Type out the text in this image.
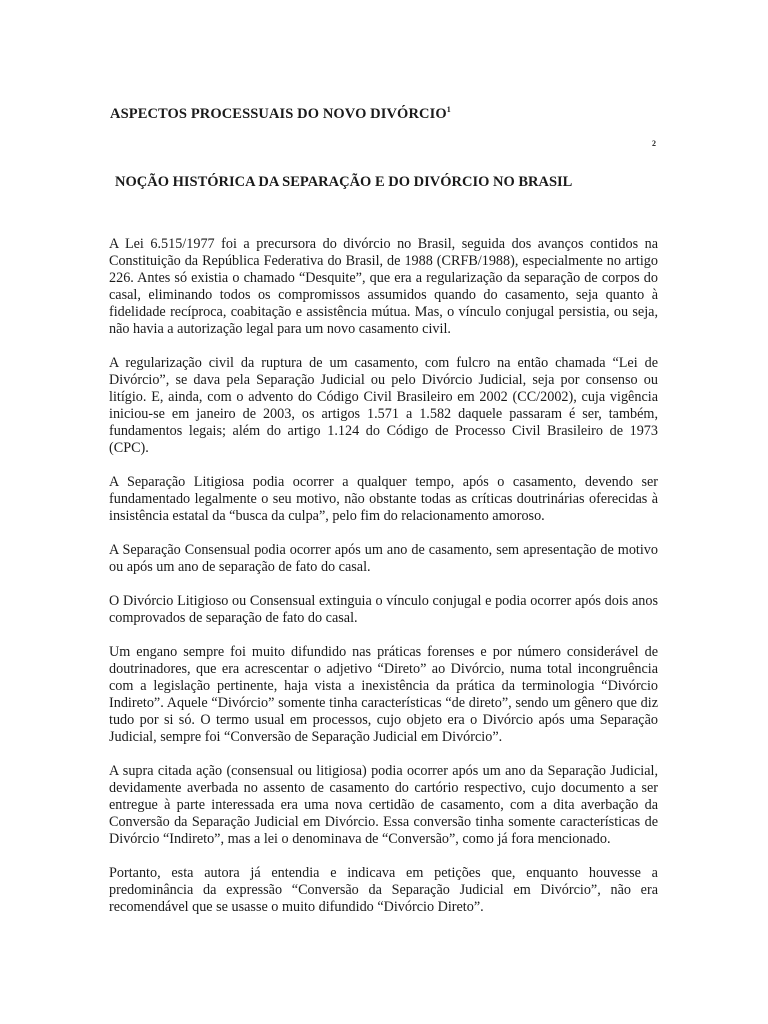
ASPECTOS PROCESSUAIS DO NOVO DIVÓRCIO$^1$
2
NOÇÃO HISTÓRICA DA SEPARAÇÃO E DO DIVÓRCIO NO BRASIL

A Lei 6.515/1977 foi a precursora do divórcio no Brasil, seguida dos avanços contidos na Constituição da República Federativa do Brasil, de 1988 (CRFB/1988), especialmente no artigo 226. Antes só existia o chamado “Desquite”, que era a regularização da separação de corpos do casal, eliminando todos os compromissos assumidos quando do casamento, seja quanto à fidelidade recíproca, coabitação e assistência mútua. Mas, o vínculo conjugal persistia, ou seja, não havia a autorização legal para um novo casamento civil.

A regularização civil da ruptura de um casamento, com fulcro na então chamada “Lei de Divórcio”, se dava pela Separação Judicial ou pelo Divórcio Judicial, seja por consenso ou litígio. E, ainda, com o advento do Código Civil Brasileiro em 2002 (CC/2002), cuja vigência iniciou-se em janeiro de 2003, os artigos 1.571 a 1.582 daquele passaram é ser, também, fundamentos legais; além do artigo 1.124 do Código de Processo Civil Brasileiro de 1973 (CPC).

A Separação Litigiosa podia ocorrer a qualquer tempo, após o casamento, devendo ser fundamentado legalmente o seu motivo, não obstante todas as críticas doutrinárias oferecidas à insistência estatal da “busca da culpa”, pelo fim do relacionamento amoroso.

A Separação Consensual podia ocorrer após um ano de casamento, sem apresentação de motivo ou após um ano de separação de fato do casal.

O Divórcio Litigioso ou Consensual extinguia o vínculo conjugal e podia ocorrer após dois anos comprovados de separação de fato do casal.

Um engano sempre foi muito difundido nas práticas forenses e por número considerável de doutrinadores, que era acrescentar o adjetivo “Direto” ao Divórcio, numa total incongruência com a legislação pertinente, haja vista a inexistência da prática da terminologia “Divórcio Indireto”. Aquele “Divórcio” somente tinha características “de direto”, sendo um gênero que diz tudo por si só. O termo usual em processos, cujo objeto era o Divórcio após uma Separação Judicial, sempre foi “Conversão de Separação Judicial em Divórcio”.

A supra citada ação (consensual ou litigiosa) podia ocorrer após um ano da Separação Judicial, devidamente averbada no assento de casamento do cartório respectivo, cujo documento a ser entregue à parte interessada era uma nova certidão de casamento, com a dita averbação da Conversão da Separação Judicial em Divórcio. Essa conversão tinha somente características de Divórcio “Indireto”, mas a lei o denominava de “Conversão”, como já fora mencionado.

Portanto, esta autora já entendia e indicava em petições que, enquanto houvesse a predominância da expressão “Conversão da Separação Judicial em Divórcio”, não era recomendável que se usasse o muito difundido “Divórcio Direto”.
